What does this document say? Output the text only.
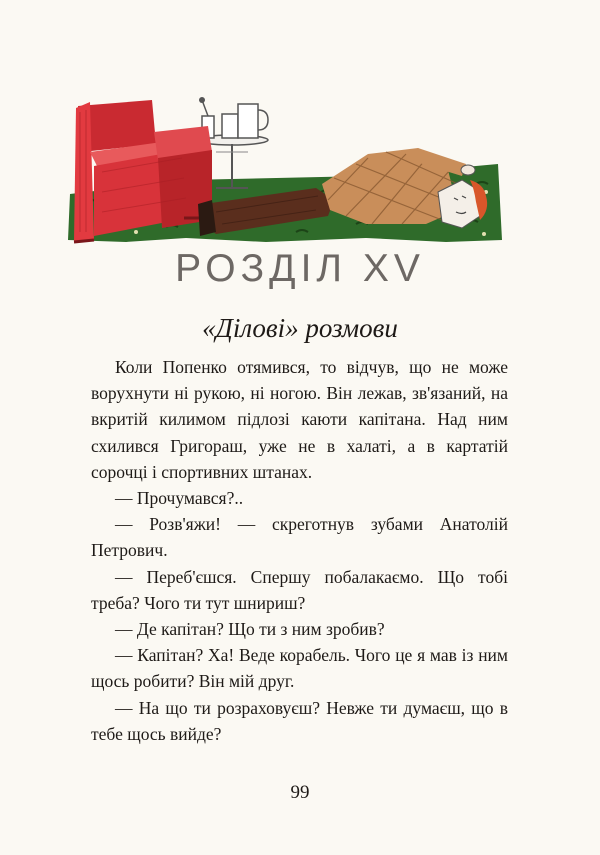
РОЗДІЛ XV
«Ділові» розмови

Коли Попенко отямився, то відчув, що не може ворухнути ні рукою, ні ногою. Він лежав, зв'язаний, на вкритій килимом підлозі каюти капітана. Над ним схилився Григораш, уже не в халаті, а в картатій сорочці і спортивних штанах.

— Прочумався?..

— Розв'яжи! — скреготнув зубами Анатолій Петрович.

— Переб'єшся. Спершу побалакаємо. Що тобі треба? Чого ти тут шнириш?

— Де капітан? Що ти з ним зробив?

— Капітан? Ха! Веде корабель. Чого це я мав із ним щось робити? Він мій друг.

— На що ти розраховуєш? Невже ти думаєш, що в тебе щось вийде?

99
